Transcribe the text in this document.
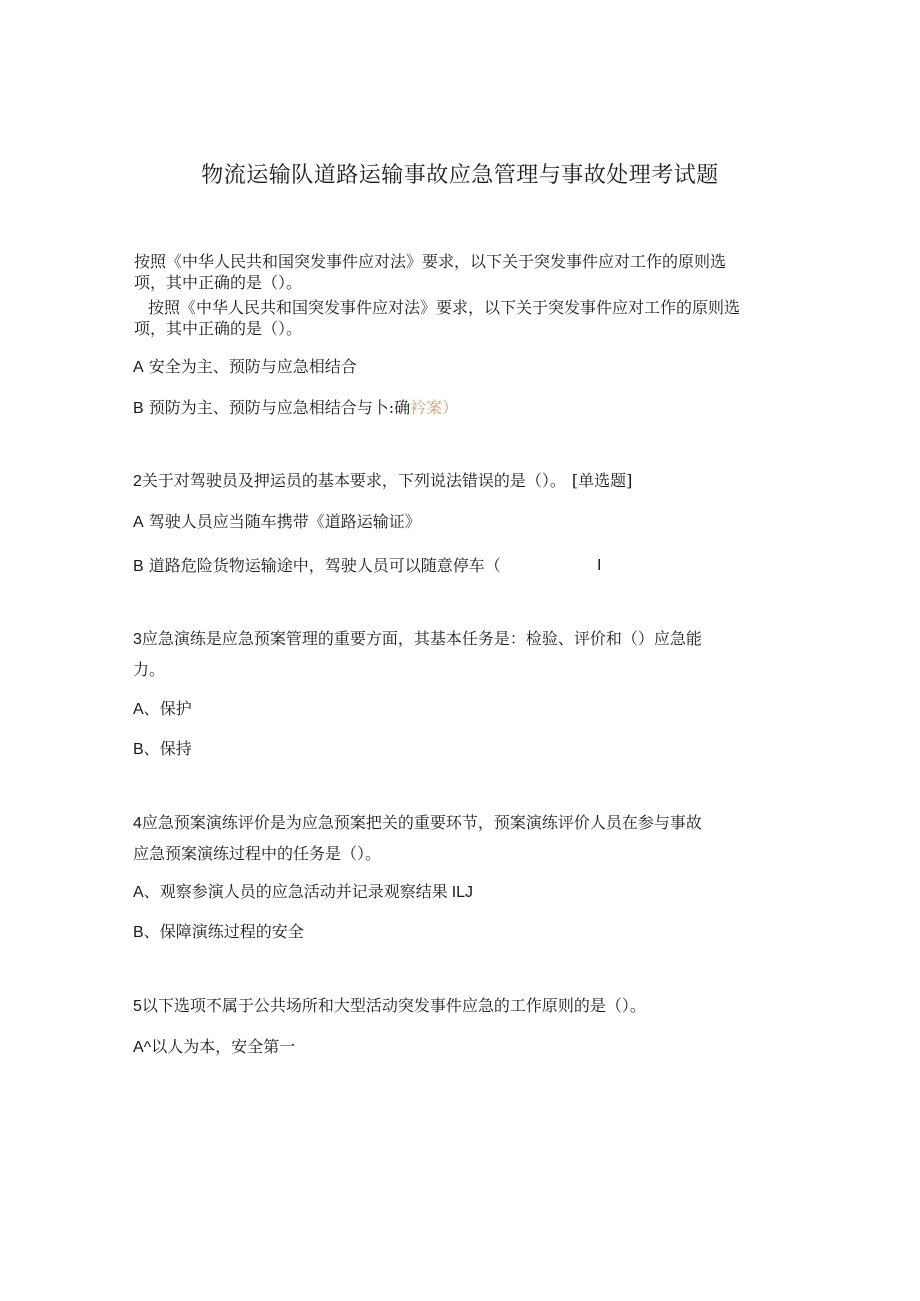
物流运输队道路运输事故应急管理与事故处理考试题
按照《中华人民共和国突发事件应对法》要求，以下关于突发事件应对工作的原则选
项，其中正确的是（）。
按照《中华人民共和国突发事件应对法》要求，以下关于突发事件应对工作的原则选
项，其中正确的是（）。
A 安全为主、预防与应急相结合
B 预防为主、预防与应急相结合与卜:确衿案）
2关于对驾驶员及押运员的基本要求，下列说法错误的是（）。 [单选题]
A 驾驶人员应当随车携带《道路运输证》
B 道路危险货物运输途中，驾驶人员可以随意停车（	I
3应急演练是应急预案管理的重要方面，其基本任务是：检验、评价和（）应急能
力。
A、保护
B、保持
4应急预案演练评价是为应急预案把关的重要环节，预案演练评价人员在参与事故
应急预案演练过程中的任务是（）。
A、观察参演人员的应急活动并记录观察结果 ILJ
B、保障演练过程的安全
5以下选项不属于公共场所和大型活动突发事件应急的工作原则的是（）。
A^以人为本，安全第一
